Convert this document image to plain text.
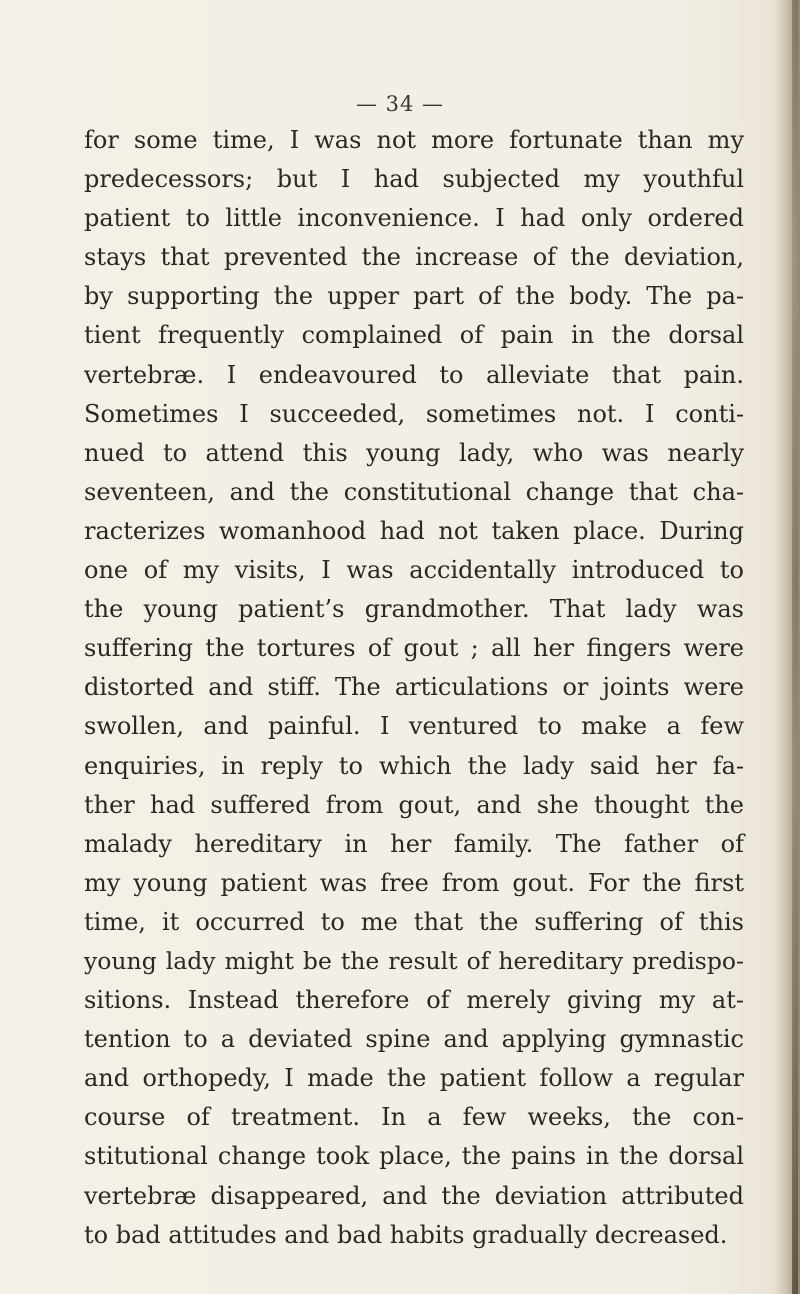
— 34 —
for some time, I was not more fortunate than my
predecessors; but I had subjected my youthful
patient to little inconvenience. I had only ordered
stays that prevented the increase of the deviation,
by supporting the upper part of the body. The pa-
tient frequently complained of pain in the dorsal
vertebræ. I endeavoured to alleviate that pain.
Sometimes I succeeded, sometimes not. I conti-
nued to attend this young lady, who was nearly
seventeen, and the constitutional change that cha-
racterizes womanhood had not taken place. During
one of my visits, I was accidentally introduced to
the young patient’s grandmother. That lady was
suffering the tortures of gout ; all her fingers were
distorted and stiff. The articulations or joints were
swollen, and painful. I ventured to make a few
enquiries, in reply to which the lady said her fa-
ther had suffered from gout, and she thought the
malady hereditary in her family. The father of
my young patient was free from gout. For the first
time, it occurred to me that the suffering of this
young lady might be the result of hereditary predispo-
sitions. Instead therefore of merely giving my at-
tention to a deviated spine and applying gymnastic
and orthopedy, I made the patient follow a regular
course of treatment. In a few weeks, the con-
stitutional change took place, the pains in the dorsal
vertebræ disappeared, and the deviation attributed
to bad attitudes and bad habits gradually decreased.
